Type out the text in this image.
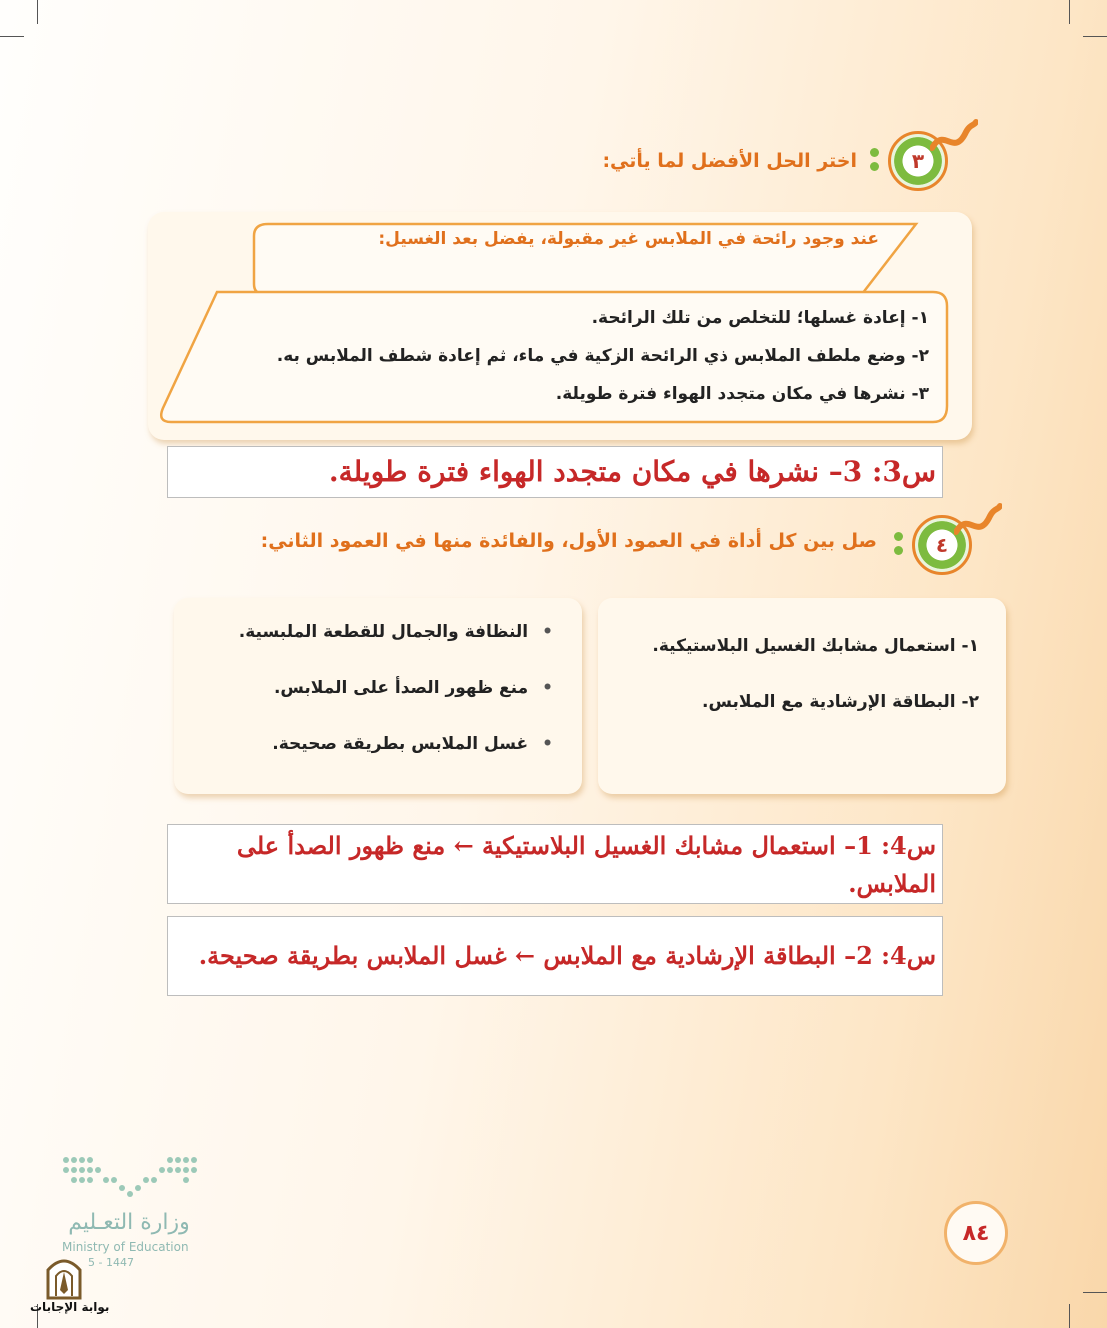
٣
اختر الحل الأفضل لما يأتي:
عند وجود رائحة في الملابس غير مقبولة، يفضل بعد الغسيل:
١- إعادة غسلها؛ للتخلص من تلك الرائحة.
٢- وضع ملطف الملابس ذي الرائحة الزكية في ماء، ثم إعادة شطف الملابس به.
٣- نشرها في مكان متجدد الهواء فترة طويلة.
س3: 3– نشرها في مكان متجدد الهواء فترة طويلة.
٤
صل بين كل أداة في العمود الأول، والفائدة منها في العمود الثاني:
١- استعمال مشابك الغسيل البلاستيكية.
٢- البطاقة الإرشادية مع الملابس.
• النظافة والجمال للقطعة الملبسية.
• منع ظهور الصدأ على الملابس.
• غسل الملابس بطريقة صحيحة.
س4: 1– استعمال مشابك الغسيل البلاستيكية ← منع ظهور الصدأ على
الملابس.
س4: 2– البطاقة الإرشادية مع الملابس ← غسل الملابس بطريقة صحيحة.
وزارة التعـليم
Ministry of Education
5 - 1447
بوابة الإجابات
٨٤
